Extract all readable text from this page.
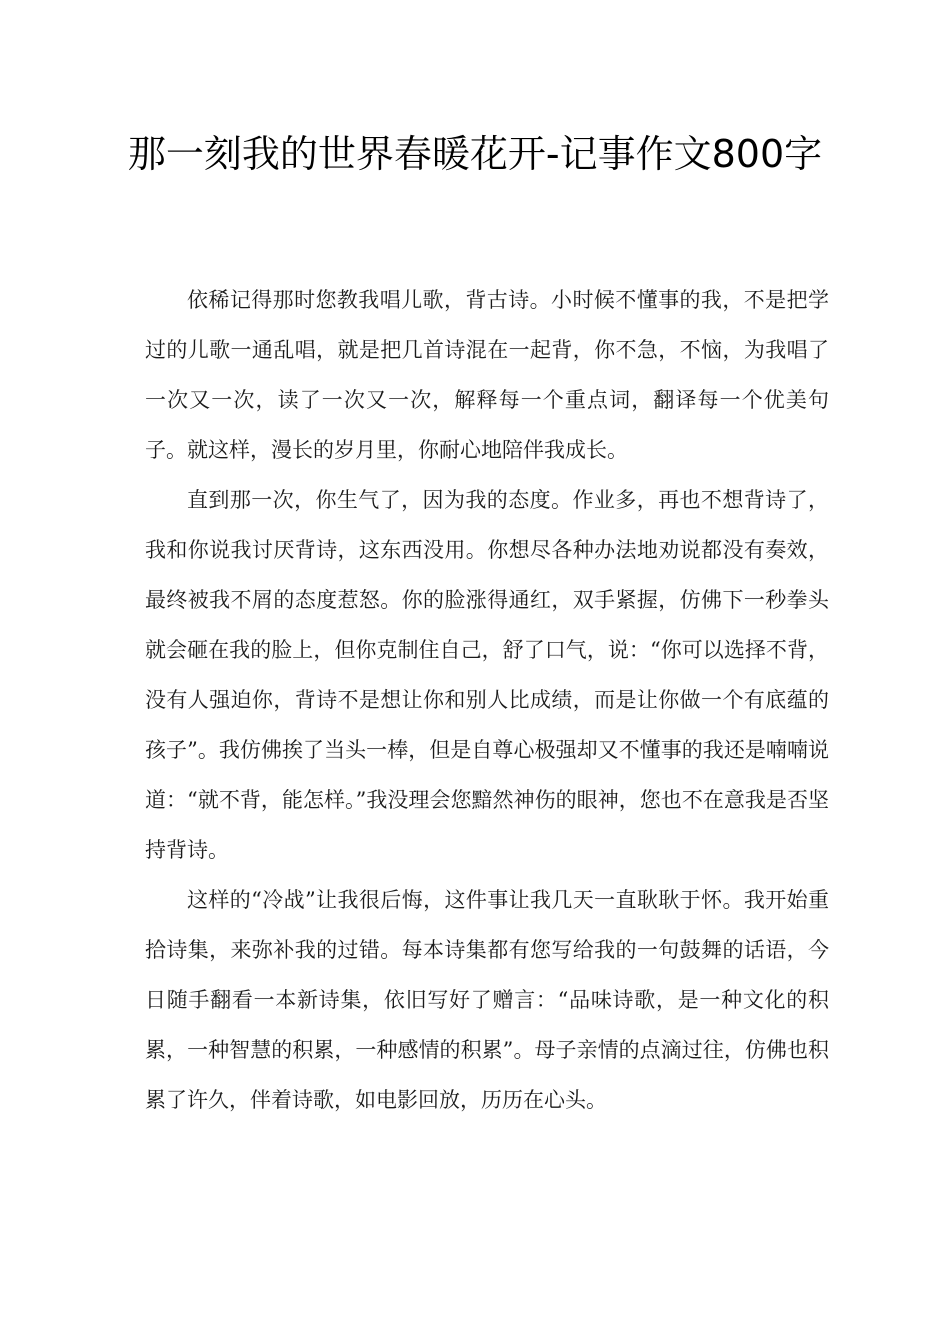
那一刻我的世界春暖花开-记事作文800字

依稀记得那时您教我唱儿歌，背古诗。小时候不懂事的我，不是把学过的儿歌一通乱唱，就是把几首诗混在一起背，你不急，不恼，为我唱了一次又一次，读了一次又一次，解释每一个重点词，翻译每一个优美句子。就这样，漫长的岁月里，你耐心地陪伴我成长。

直到那一次，你生气了，因为我的态度。作业多，再也不想背诗了，我和你说我讨厌背诗，这东西没用。你想尽各种办法地劝说都没有奏效，最终被我不屑的态度惹怒。你的脸涨得通红，双手紧握，仿佛下一秒拳头就会砸在我的脸上，但你克制住自己，舒了口气，说：“你可以选择不背，没有人强迫你，背诗不是想让你和别人比成绩，而是让你做一个有底蕴的孩子”。我仿佛挨了当头一棒，但是自尊心极强却又不懂事的我还是喃喃说道：“就不背，能怎样。”我没理会您黯然神伤的眼神，您也不在意我是否坚持背诗。

这样的“冷战”让我很后悔，这件事让我几天一直耿耿于怀。我开始重拾诗集，来弥补我的过错。每本诗集都有您写给我的一句鼓舞的话语，今日随手翻看一本新诗集，依旧写好了赠言：“品味诗歌，是一种文化的积累，一种智慧的积累，一种感情的积累”。母子亲情的点滴过往，仿佛也积累了许久，伴着诗歌，如电影回放，历历在心头。
